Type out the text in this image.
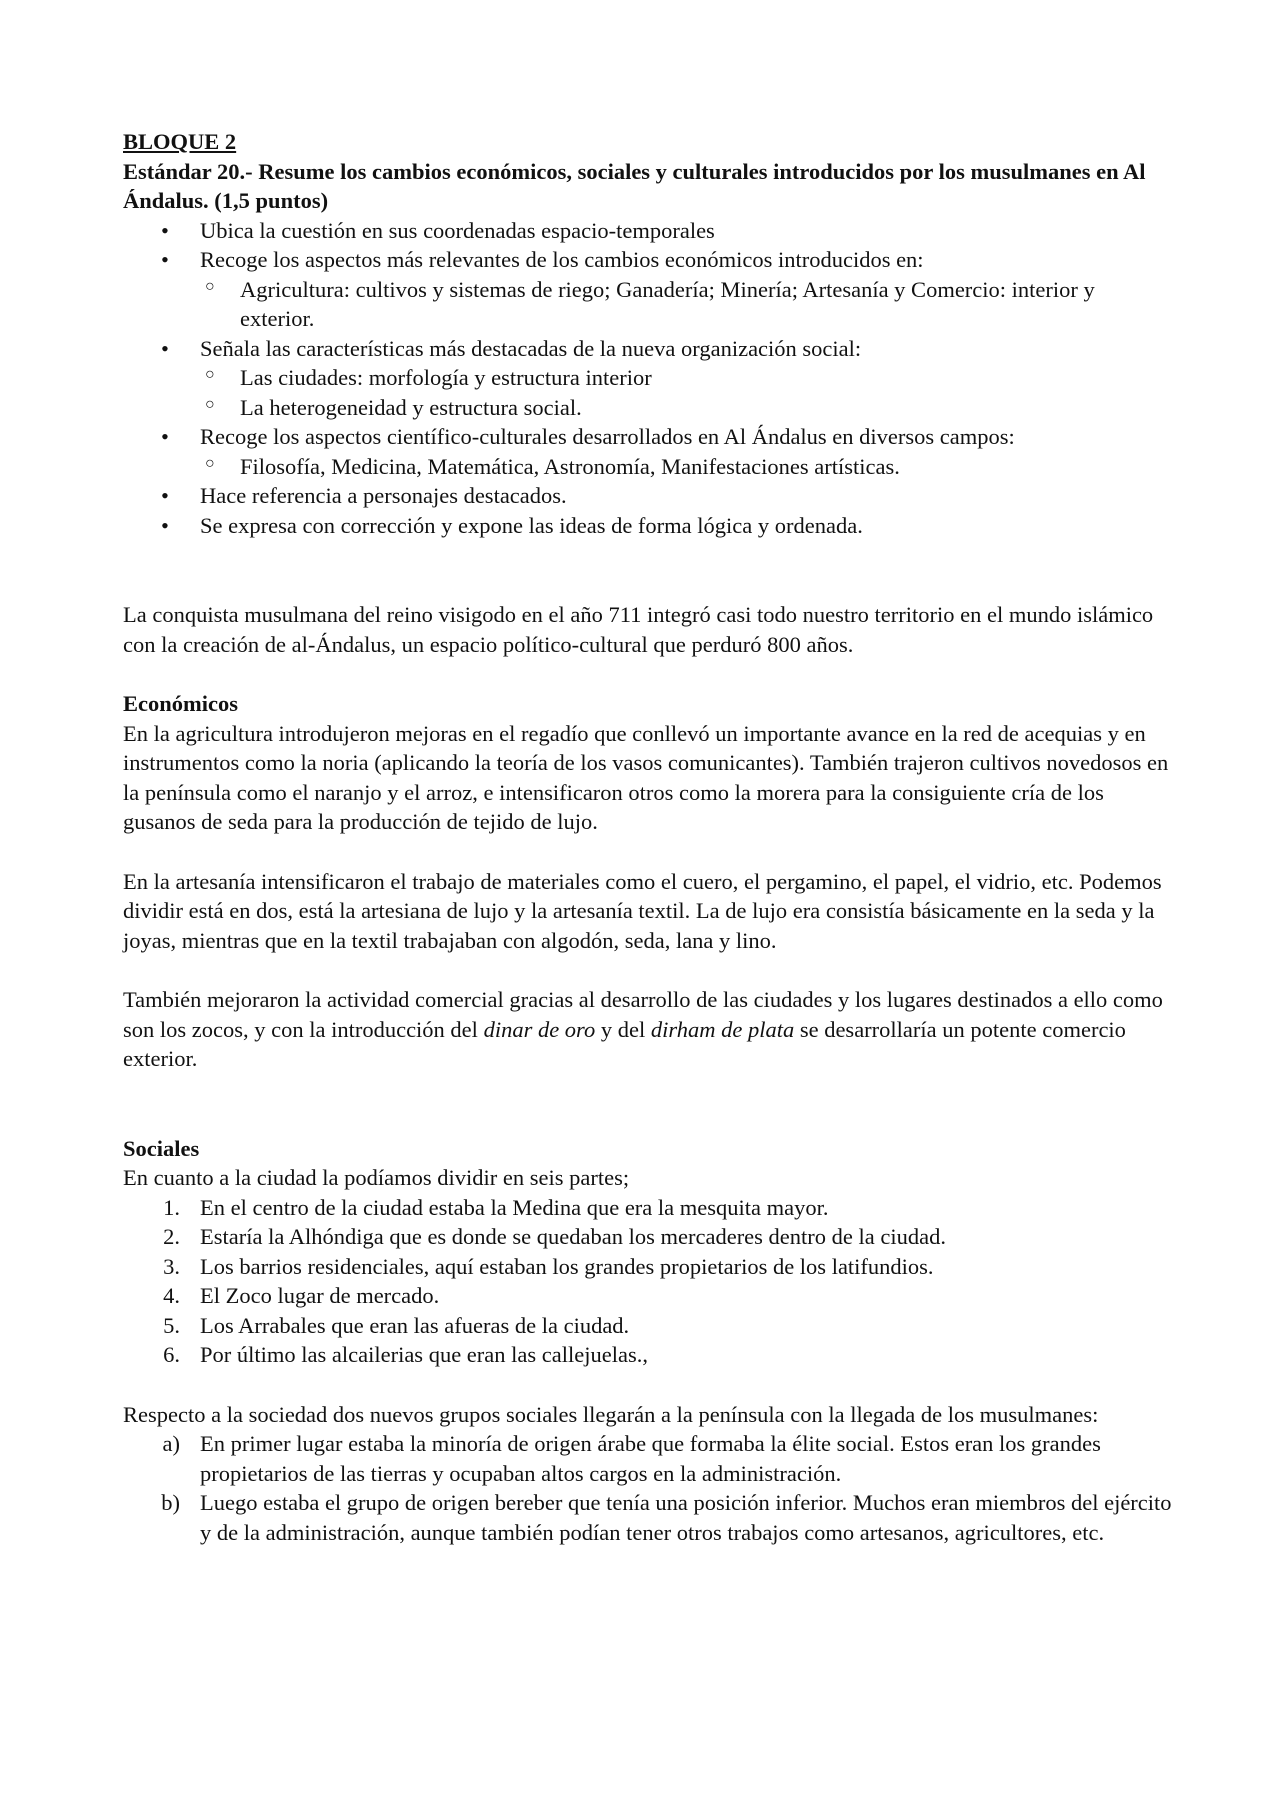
BLOQUE 2

Estándar 20.- Resume los cambios económicos, sociales y culturales introducidos por los musulmanes en Al Ándalus. (1,5 puntos)

•	Ubica la cuestión en sus coordenadas espacio-temporales
•	Recoge los aspectos más relevantes de los cambios económicos introducidos en:
○ Agricultura: cultivos y sistemas de riego; Ganadería; Minería; Artesanía y Comercio: interior y exterior.
•	Señala las características más destacadas de la nueva organización social:
○ Las ciudades: morfología y estructura interior
○ La heterogeneidad y estructura social.
•	Recoge los aspectos científico-culturales desarrollados en Al Ándalus en diversos campos:
○ Filosofía, Medicina, Matemática, Astronomía, Manifestaciones artísticas.
•	Hace referencia a personajes destacados.
•	Se expresa con corrección y expone las ideas de forma lógica y ordenada.

La conquista musulmana del reino visigodo en el año 711 integró casi todo nuestro territorio en el mundo islámico con la creación de al-Ándalus, un espacio político-cultural que perduró 800 años.

Económicos

En la agricultura introdujeron mejoras en el regadío que conllevó un importante avance en la red de acequias y en instrumentos como la noria (aplicando la teoría de los vasos comunicantes). También trajeron cultivos novedosos en la península como el naranjo y el arroz, e intensificaron otros como la morera para la consiguiente cría de los gusanos de seda para la producción de tejido de lujo.

En la artesanía intensificaron el trabajo de materiales como el cuero, el pergamino, el papel, el vidrio, etc. Podemos dividir está en dos, está la artesiana de lujo y la artesanía textil. La de lujo era consistía básicamente en la seda y la joyas, mientras que en la textil trabajaban con algodón, seda, lana y lino.

También mejoraron la actividad comercial gracias al desarrollo de las ciudades y los lugares destinados a ello como son los zocos, y con la introducción del dinar de oro y del dirham de plata se desarrollaría un potente comercio exterior.

Sociales

En cuanto a la ciudad la podíamos dividir en seis partes;

1. En el centro de la ciudad estaba la Medina que era la mesquita mayor.
2. Estaría la Alhóndiga que es donde se quedaban los mercaderes dentro de la ciudad.
3. Los barrios residenciales, aquí estaban los grandes propietarios de los latifundios.
4. El Zoco lugar de mercado.
5. Los Arrabales que eran las afueras de la ciudad.
6. Por último las alcailerias que eran las callejuelas.,

Respecto a la sociedad dos nuevos grupos sociales llegarán a la península con la llegada de los musulmanes:

a) En primer lugar estaba la minoría de origen árabe que formaba la élite social. Estos eran los grandes propietarios de las tierras y ocupaban altos cargos en la administración.
b) Luego estaba el grupo de origen bereber que tenía una posición inferior. Muchos eran miembros del ejército y de la administración, aunque también podían tener otros trabajos como artesanos, agricultores, etc.
